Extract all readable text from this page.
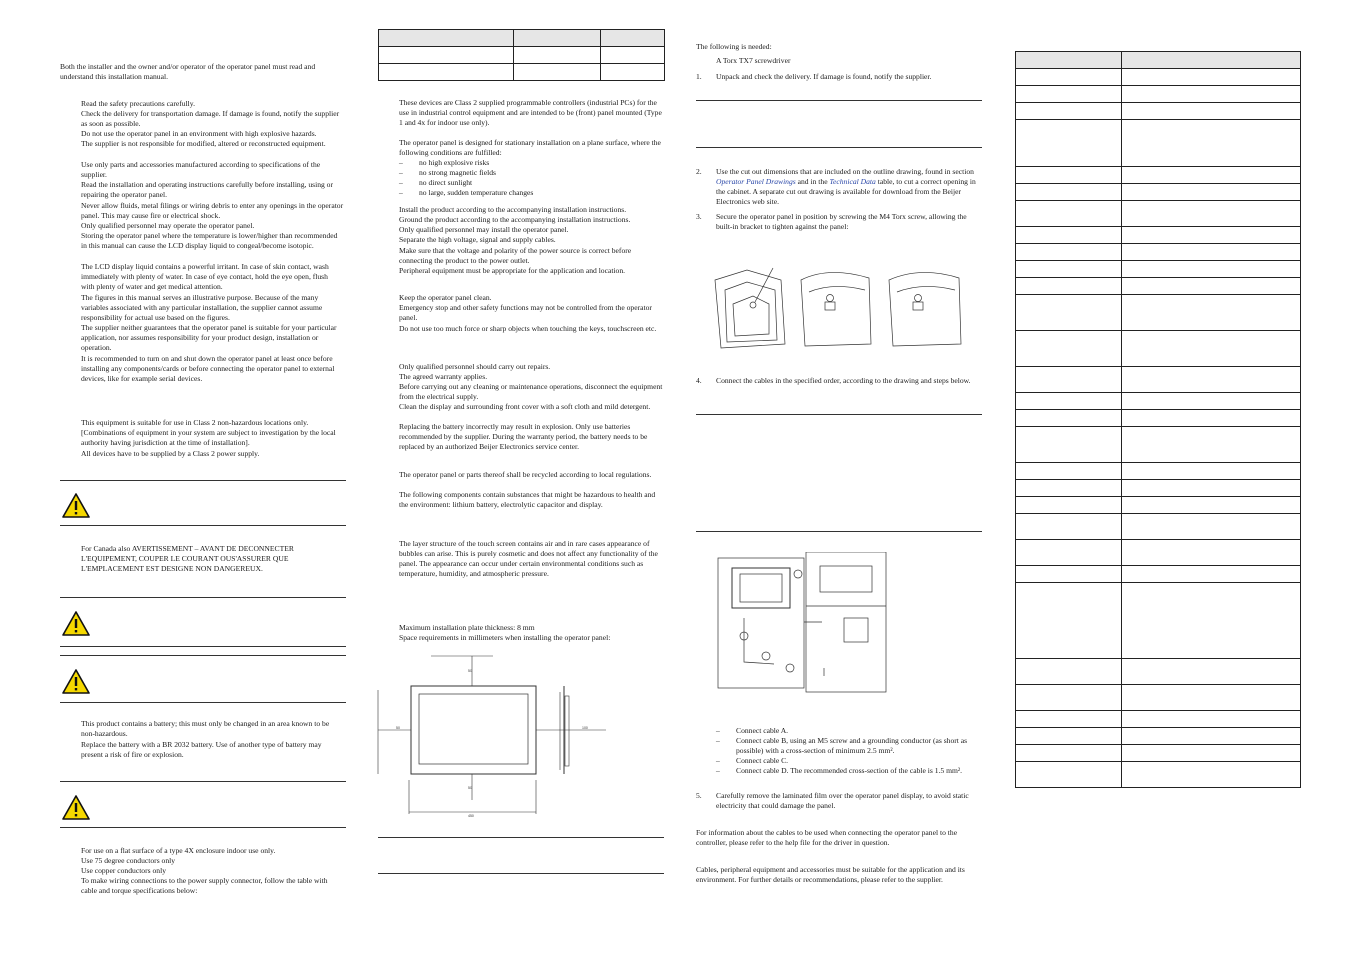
Both the installer and the owner and/or operator of the operator panel must read and understand this installation manual.

Read the safety precautions carefully.

Check the delivery for transportation damage. If damage is found, notify the supplier as soon as possible.

Do not use the operator panel in an environment with high explosive hazards.

The supplier is not responsible for modified, altered or reconstructed equipment.

Use only parts and accessories manufactured according to specifications of the supplier.

Read the installation and operating instructions carefully before installing, using or repairing the operator panel.

Never allow fluids, metal filings or wiring debris to enter any openings in the operator panel. This may cause fire or electrical shock.

Only qualified personnel may operate the operator panel.

Storing the operator panel where the temperature is lower/higher than recommended in this manual can cause the LCD display liquid to congeal/become isotopic.

The LCD display liquid contains a powerful irritant. In case of skin contact, wash immediately with plenty of water. In case of eye contact, hold the eye open, flush with plenty of water and get medical attention.

The figures in this manual serves an illustrative purpose. Because of the many variables associated with any particular installation, the supplier cannot assume responsibility for actual use based on the figures.

The supplier neither guarantees that the operator panel is suitable for your particular application, nor assumes responsibility for your product design, installation or operation.

It is recommended to turn on and shut down the operator panel at least once before installing any components/cards or before connecting the operator panel to external devices, like for example serial devices.

This equipment is suitable for use in Class 2 non-hazardous locations only.

[Combinations of equipment in your system are subject to investigation by the local authority having jurisdiction at the time of installation].

All devices have to be supplied by a Class 2 power supply.

For Canada also AVERTISSEMENT – AVANT DE DECONNECTER L'EQUIPEMENT, COUPER LE COURANT OUS'ASSURER QUE L'EMPLACEMENT EST DESIGNE NON DANGEREUX.

This product contains a battery; this must only be changed in an area known to be non-hazardous.

Replace the battery with a BR 2032 battery. Use of another type of battery may present a risk of fire or explosion.

For use on a flat surface of a type 4X enclosure indoor use only.

Use 75 degree conductors only

Use copper conductors only

To make wiring connections to the power supply connector, follow the table with cable and torque specifications below:

These devices are Class 2 supplied programmable controllers (industrial PCs) for the use in industrial control equipment and are intended to be (front) panel mounted (Type 1 and 4x for indoor use only).

The operator panel is designed for stationary installation on a plane surface, where the following conditions are fulfilled:

– no high explosive risks
– no strong magnetic fields
– no direct sunlight
– no large, sudden temperature changes

Install the product according to the accompanying installation instructions.

Ground the product according to the accompanying installation instructions.

Only qualified personnel may install the operator panel.

Separate the high voltage, signal and supply cables.

Make sure that the voltage and polarity of the power source is correct before connecting the product to the power outlet.

Peripheral equipment must be appropriate for the application and location.

Keep the operator panel clean.

Emergency stop and other safety functions may not be controlled from the operator panel.

Do not use too much force or sharp objects when touching the keys, touchscreen etc.

Only qualified personnel should carry out repairs.

The agreed warranty applies.

Before carrying out any cleaning or maintenance operations, disconnect the equipment from the electrical supply.

Clean the display and surrounding front cover with a soft cloth and mild detergent.

Replacing the battery incorrectly may result in explosion. Only use batteries recommended by the supplier. During the warranty period, the battery needs to be replaced by an authorized Beijer Electronics service center.

The operator panel or parts thereof shall be recycled according to local regulations.

The following components contain substances that might be hazardous to health and the environment: lithium battery, electrolytic capacitor and display.

The layer structure of the touch screen contains air and in rare cases appearance of bubbles can arise. This is purely cosmetic and does not affect any functionality of the panel. The appearance can occur under certain environmental conditions such as temperature, humidity, and atmospheric pressure.

Maximum installation plate thickness: 8 mm

Space requirements in millimeters when installing the operator panel:

50
50	100
50
450

The following is needed:

A Torx TX7 screwdriver

1. Unpack and check the delivery. If damage is found, notify the supplier.

2. Use the cut out dimensions that are included on the outline drawing, found in section Operator Panel Drawings and in the Technical Data table, to cut a correct opening in the cabinet. A separate cut out drawing is available for download from the Beijer Electronics web site.

3. Secure the operator panel in position by screwing the M4 Torx screw, allowing the built-in bracket to tighten against the panel:

4. Connect the cables in the specified order, according to the drawing and steps below.

– Connect cable A.
– Connect cable B, using an M5 screw and a grounding conductor (as short as possible) with a cross-section of minimum 2.5 mm².
– Connect cable C.
– Connect cable D. The recommended cross-section of the cable is 1.5 mm².

5. Carefully remove the laminated film over the operator panel display, to avoid static electricity that could damage the panel.

For information about the cables to be used when connecting the operator panel to the controller, please refer to the help file for the driver in question.

Cables, peripheral equipment and accessories must be suitable for the application and its environment. For further details or recommendations, please refer to the supplier.
